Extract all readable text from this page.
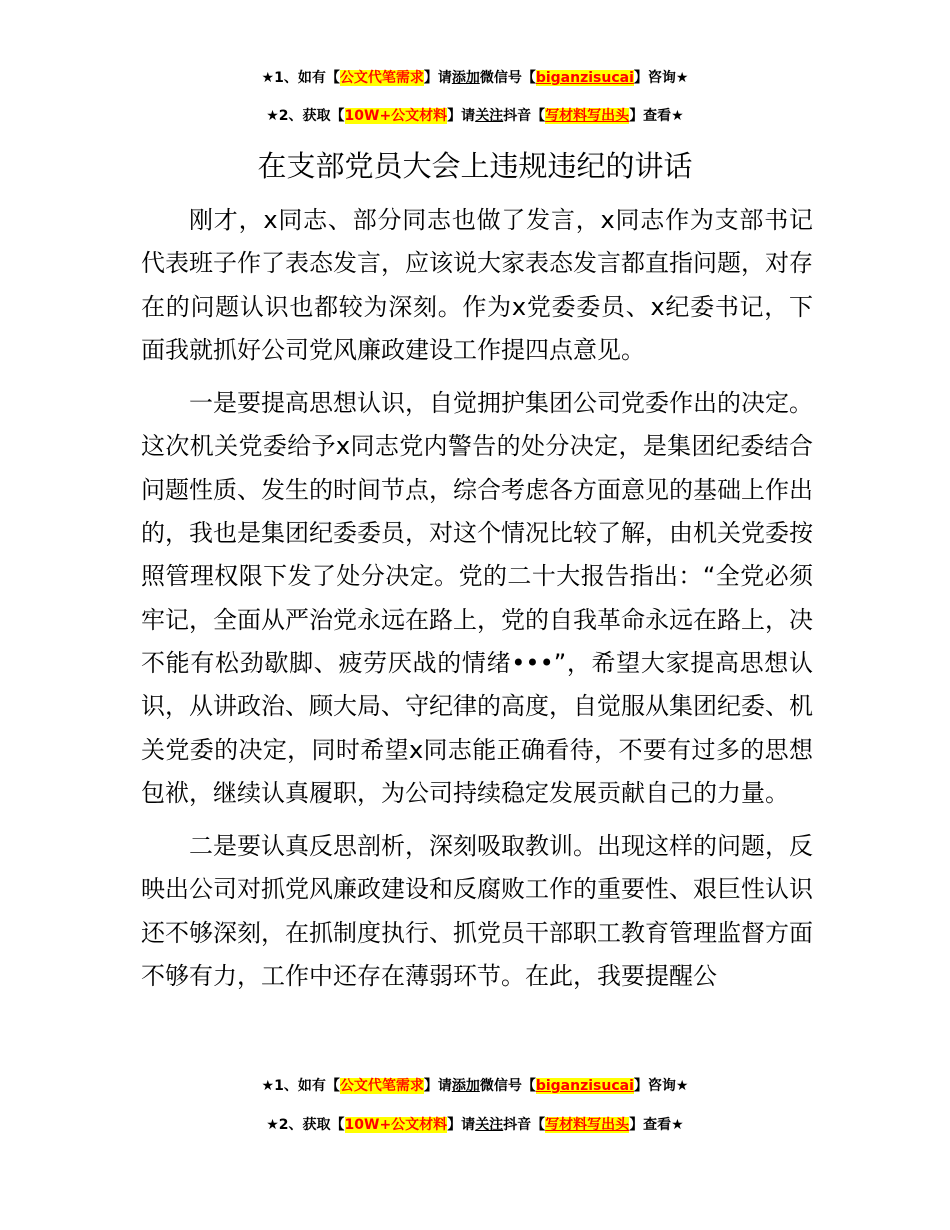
★1、如有【公文代笔需求】请添加微信号【biganzisucai】咨询★
★2、获取【10W+公文材料】请关注抖音【写材料写出头】查看★
在支部党员大会上违规违纪的讲话

刚才，x同志、部分同志也做了发言，x同志作为支部书记代表班子作了表态发言，应该说大家表态发言都直指问题，对存在的问题认识也都较为深刻。作为x党委委员、x纪委书记，下面我就抓好公司党风廉政建设工作提四点意见。

一是要提高思想认识，自觉拥护集团公司党委作出的决定。这次机关党委给予x同志党内警告的处分决定，是集团纪委结合问题性质、发生的时间节点，综合考虑各方面意见的基础上作出的，我也是集团纪委委员，对这个情况比较了解，由机关党委按照管理权限下发了处分决定。党的二十大报告指出：“全党必须牢记，全面从严治党永远在路上，党的自我革命永远在路上，决不能有松劲歇脚、疲劳厌战的情绪•••”，希望大家提高思想认识，从讲政治、顾大局、守纪律的高度，自觉服从集团纪委、机关党委的决定，同时希望x同志能正确看待，不要有过多的思想包袱，继续认真履职，为公司持续稳定发展贡献自己的力量。

二是要认真反思剖析，深刻吸取教训。出现这样的问题，反映出公司对抓党风廉政建设和反腐败工作的重要性、艰巨性认识还不够深刻，在抓制度执行、抓党员干部职工教育管理监督方面不够有力，工作中还存在薄弱环节。在此，我要提醒公

★1、如有【公文代笔需求】请添加微信号【biganzisucai】咨询★
★2、获取【10W+公文材料】请关注抖音【写材料写出头】查看★
